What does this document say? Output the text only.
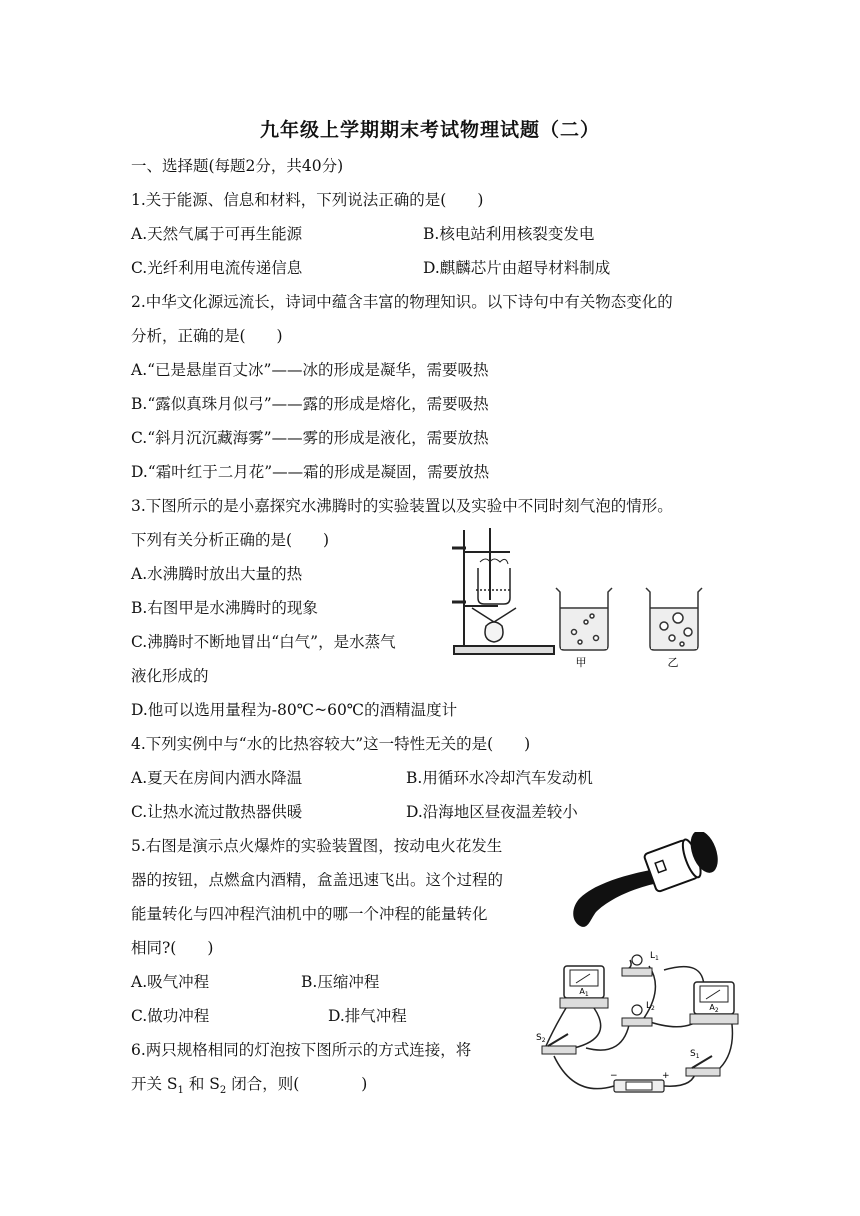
九年级上学期期末考试物理试题（二）
一、选择题(每题2分，共40分)
1.关于能源、信息和材料，下列说法正确的是(　　)
A.天然气属于可再生能源	B.核电站利用核裂变发电
C.光纤利用电流传递信息	D.麒麟芯片由超导材料制成
2.中华文化源远流长，诗词中蕴含丰富的物理知识。以下诗句中有关物态变化的
分析，正确的是(　　)
A.“已是悬崖百丈冰”——冰的形成是凝华，需要吸热
B.“露似真珠月似弓”——露的形成是熔化，需要吸热
C.“斜月沉沉藏海雾”——雾的形成是液化，需要放热
D.“霜叶红于二月花”——霜的形成是凝固，需要放热
3.下图所示的是小嘉探究水沸腾时的实验装置以及实验中不同时刻气泡的情形。
下列有关分析正确的是(　　)
A.水沸腾时放出大量的热
B.右图甲是水沸腾时的现象
C.沸腾时不断地冒出“白气”，是水蒸气
液化形成的
D.他可以选用量程为-80℃~60℃的酒精温度计
甲	乙
4.下列实例中与“水的比热容较大”这一特性无关的是(　　)
A.夏天在房间内洒水降温	B.用循环水冷却汽车发动机
C.让热水流过散热器供暖	D.沿海地区昼夜温差较小
5.右图是演示点火爆炸的实验装置图，按动电火花发生
器的按钮，点燃盒内酒精，盒盖迅速飞出。这个过程的
能量转化与四冲程汽油机中的哪一个冲程的能量转化
相同?(　　)
A.吸气冲程	B.压缩冲程
C.做功冲程	D.排气冲程
6.两只规格相同的灯泡按下图所示的方式连接，将
开关 $S_1$ 和 $S_2$ 闭合，则(　　　　)
$A_1$
$L_1$
$L_2$	$A_2$
$S_2$
−	+
$S_1$
